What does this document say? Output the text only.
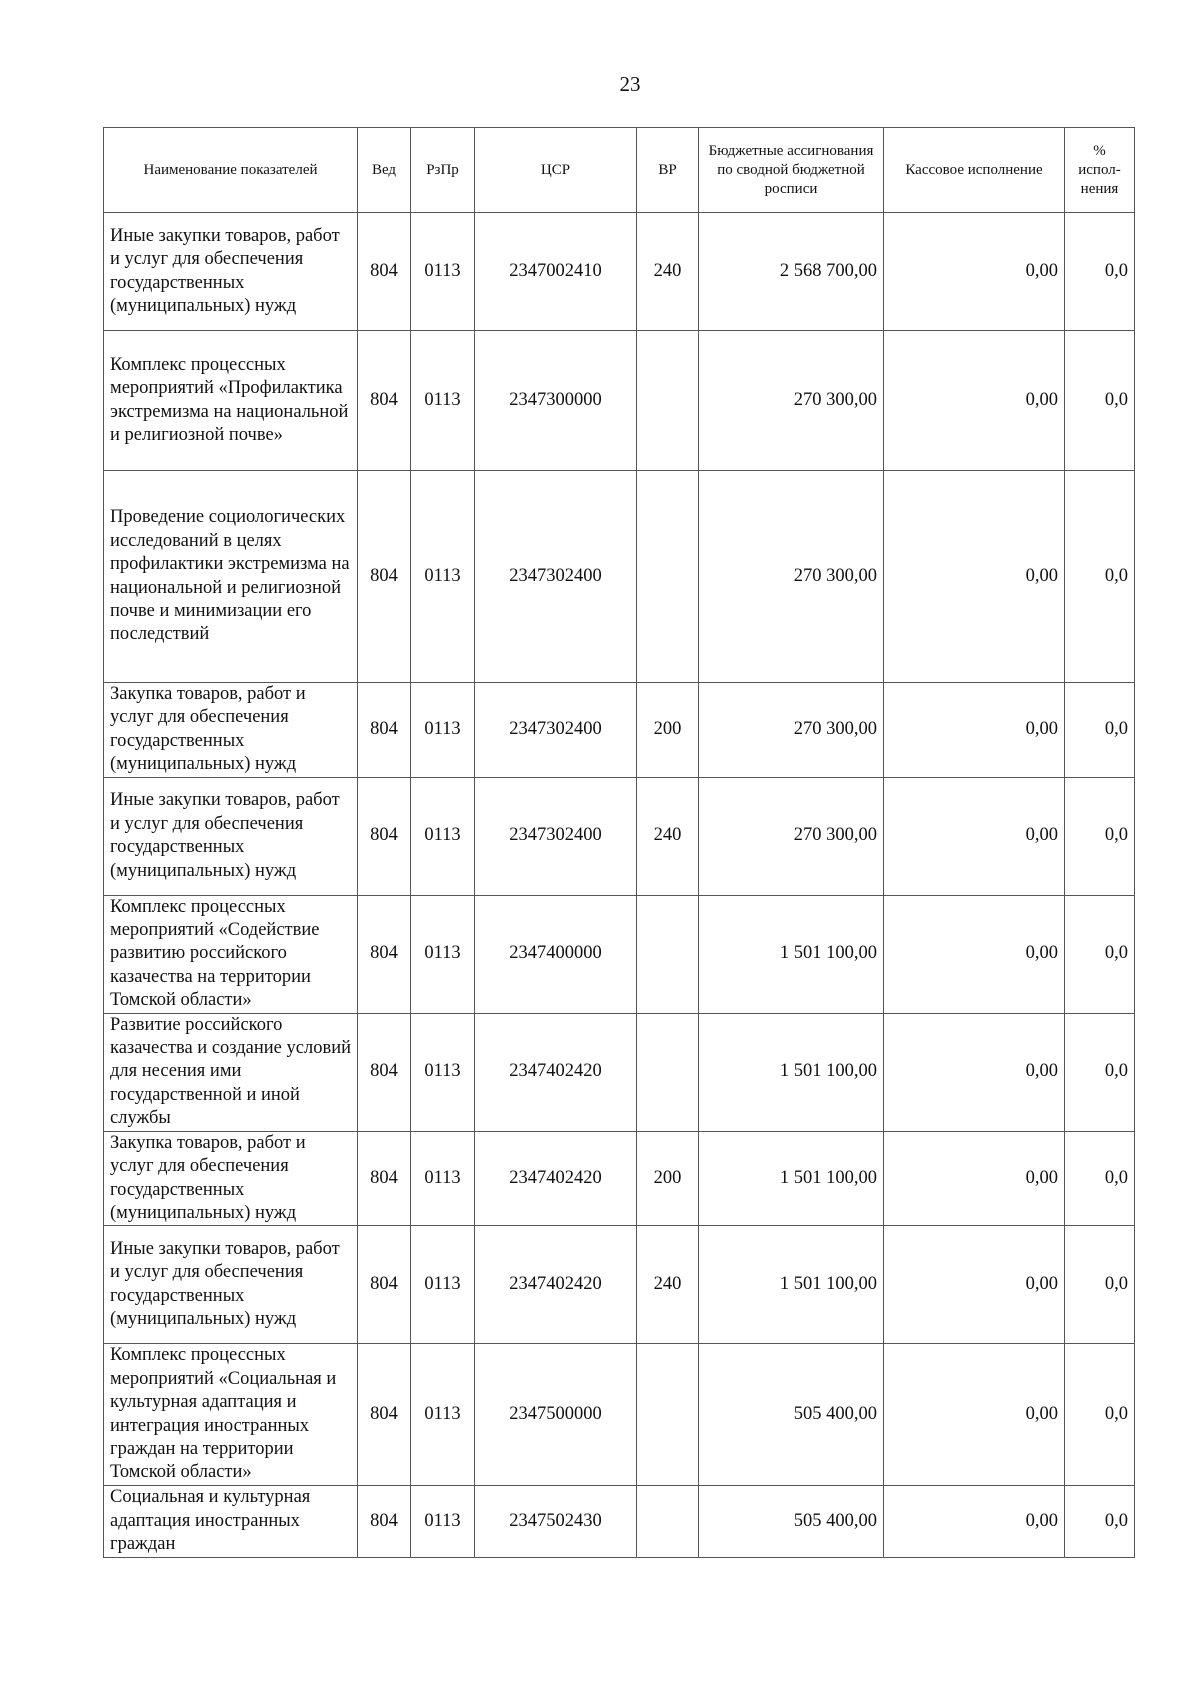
23
Наименование показателей	Вед	РзПр	ЦСР	ВР	Бюджетные ассигнования по сводной бюджетной росписи	Кассовое исполнение	% испол- нения
Иные закупки товаров, работ и услуг для обеспечения государственных (муниципальных) нужд	804	0113	2347002410	240	2 568 700,00	0,00	0,0
Комплекс процессных мероприятий «Профилактика экстремизма на национальной и религиозной почве»	804	0113	2347300000		270 300,00	0,00	0,0
Проведение социологических исследований в целях профилактики экстремизма на национальной и религиозной почве и минимизации его последствий	804	0113	2347302400		270 300,00	0,00	0,0
Закупка товаров, работ и услуг для обеспечения государственных (муниципальных) нужд	804	0113	2347302400	200	270 300,00	0,00	0,0
Иные закупки товаров, работ и услуг для обеспечения государственных (муниципальных) нужд	804	0113	2347302400	240	270 300,00	0,00	0,0
Комплекс процессных мероприятий «Содействие развитию российского казачества на территории Томской области»	804	0113	2347400000		1 501 100,00	0,00	0,0
Развитие российского казачества и создание условий для несения ими государственной и иной службы	804	0113	2347402420		1 501 100,00	0,00	0,0
Закупка товаров, работ и услуг для обеспечения государственных (муниципальных) нужд	804	0113	2347402420	200	1 501 100,00	0,00	0,0
Иные закупки товаров, работ и услуг для обеспечения государственных (муниципальных) нужд	804	0113	2347402420	240	1 501 100,00	0,00	0,0
Комплекс процессных мероприятий «Социальная и культурная адаптация и интеграция иностранных граждан на территории Томской области»	804	0113	2347500000		505 400,00	0,00	0,0
Социальная и культурная адаптация иностранных граждан	804	0113	2347502430		505 400,00	0,00	0,0
